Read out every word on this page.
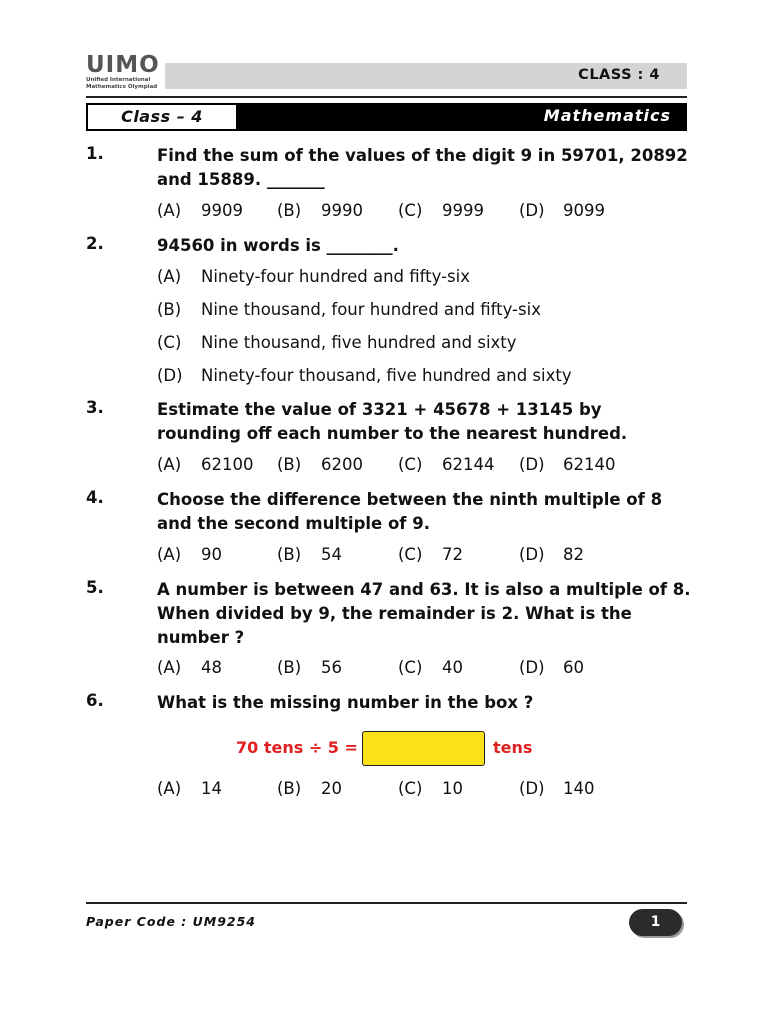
UIMO
Unified International
Mathematics Olympiad
CLASS : 4
Class – 4	Mathematics
1.	Find the sum of the values of the digit 9 in 59701, 20892 and 15889. _______
(A) 9909 (B) 9990 (C) 9999 (D) 9099
2.	94560 in words is ________.
(A) Ninety-four hundred and fifty-six
(B) Nine thousand, four hundred and fifty-six
(C) Nine thousand, five hundred and sixty
(D) Ninety-four thousand, five hundred and sixty
3.	Estimate the value of 3321 + 45678 + 13145 by rounding off each number to the nearest hundred.
(A) 62100 (B) 6200 (C) 62144 (D) 62140
4.	Choose the difference between the ninth multiple of 8 and the second multiple of 9.
(A) 90	(B) 54	(C) 72	(D) 82
5.	A number is between 47 and 63. It is also a multiple of 8. When divided by 9, the remainder is 2. What is the number ?
(A) 48	(B) 56	(C) 40	(D) 60
6.	What is the missing number in the box ?
70 tens ÷ 5 =	tens
(A) 14	(B) 20	(C) 10	(D) 140
Paper Code : UM9254	1
